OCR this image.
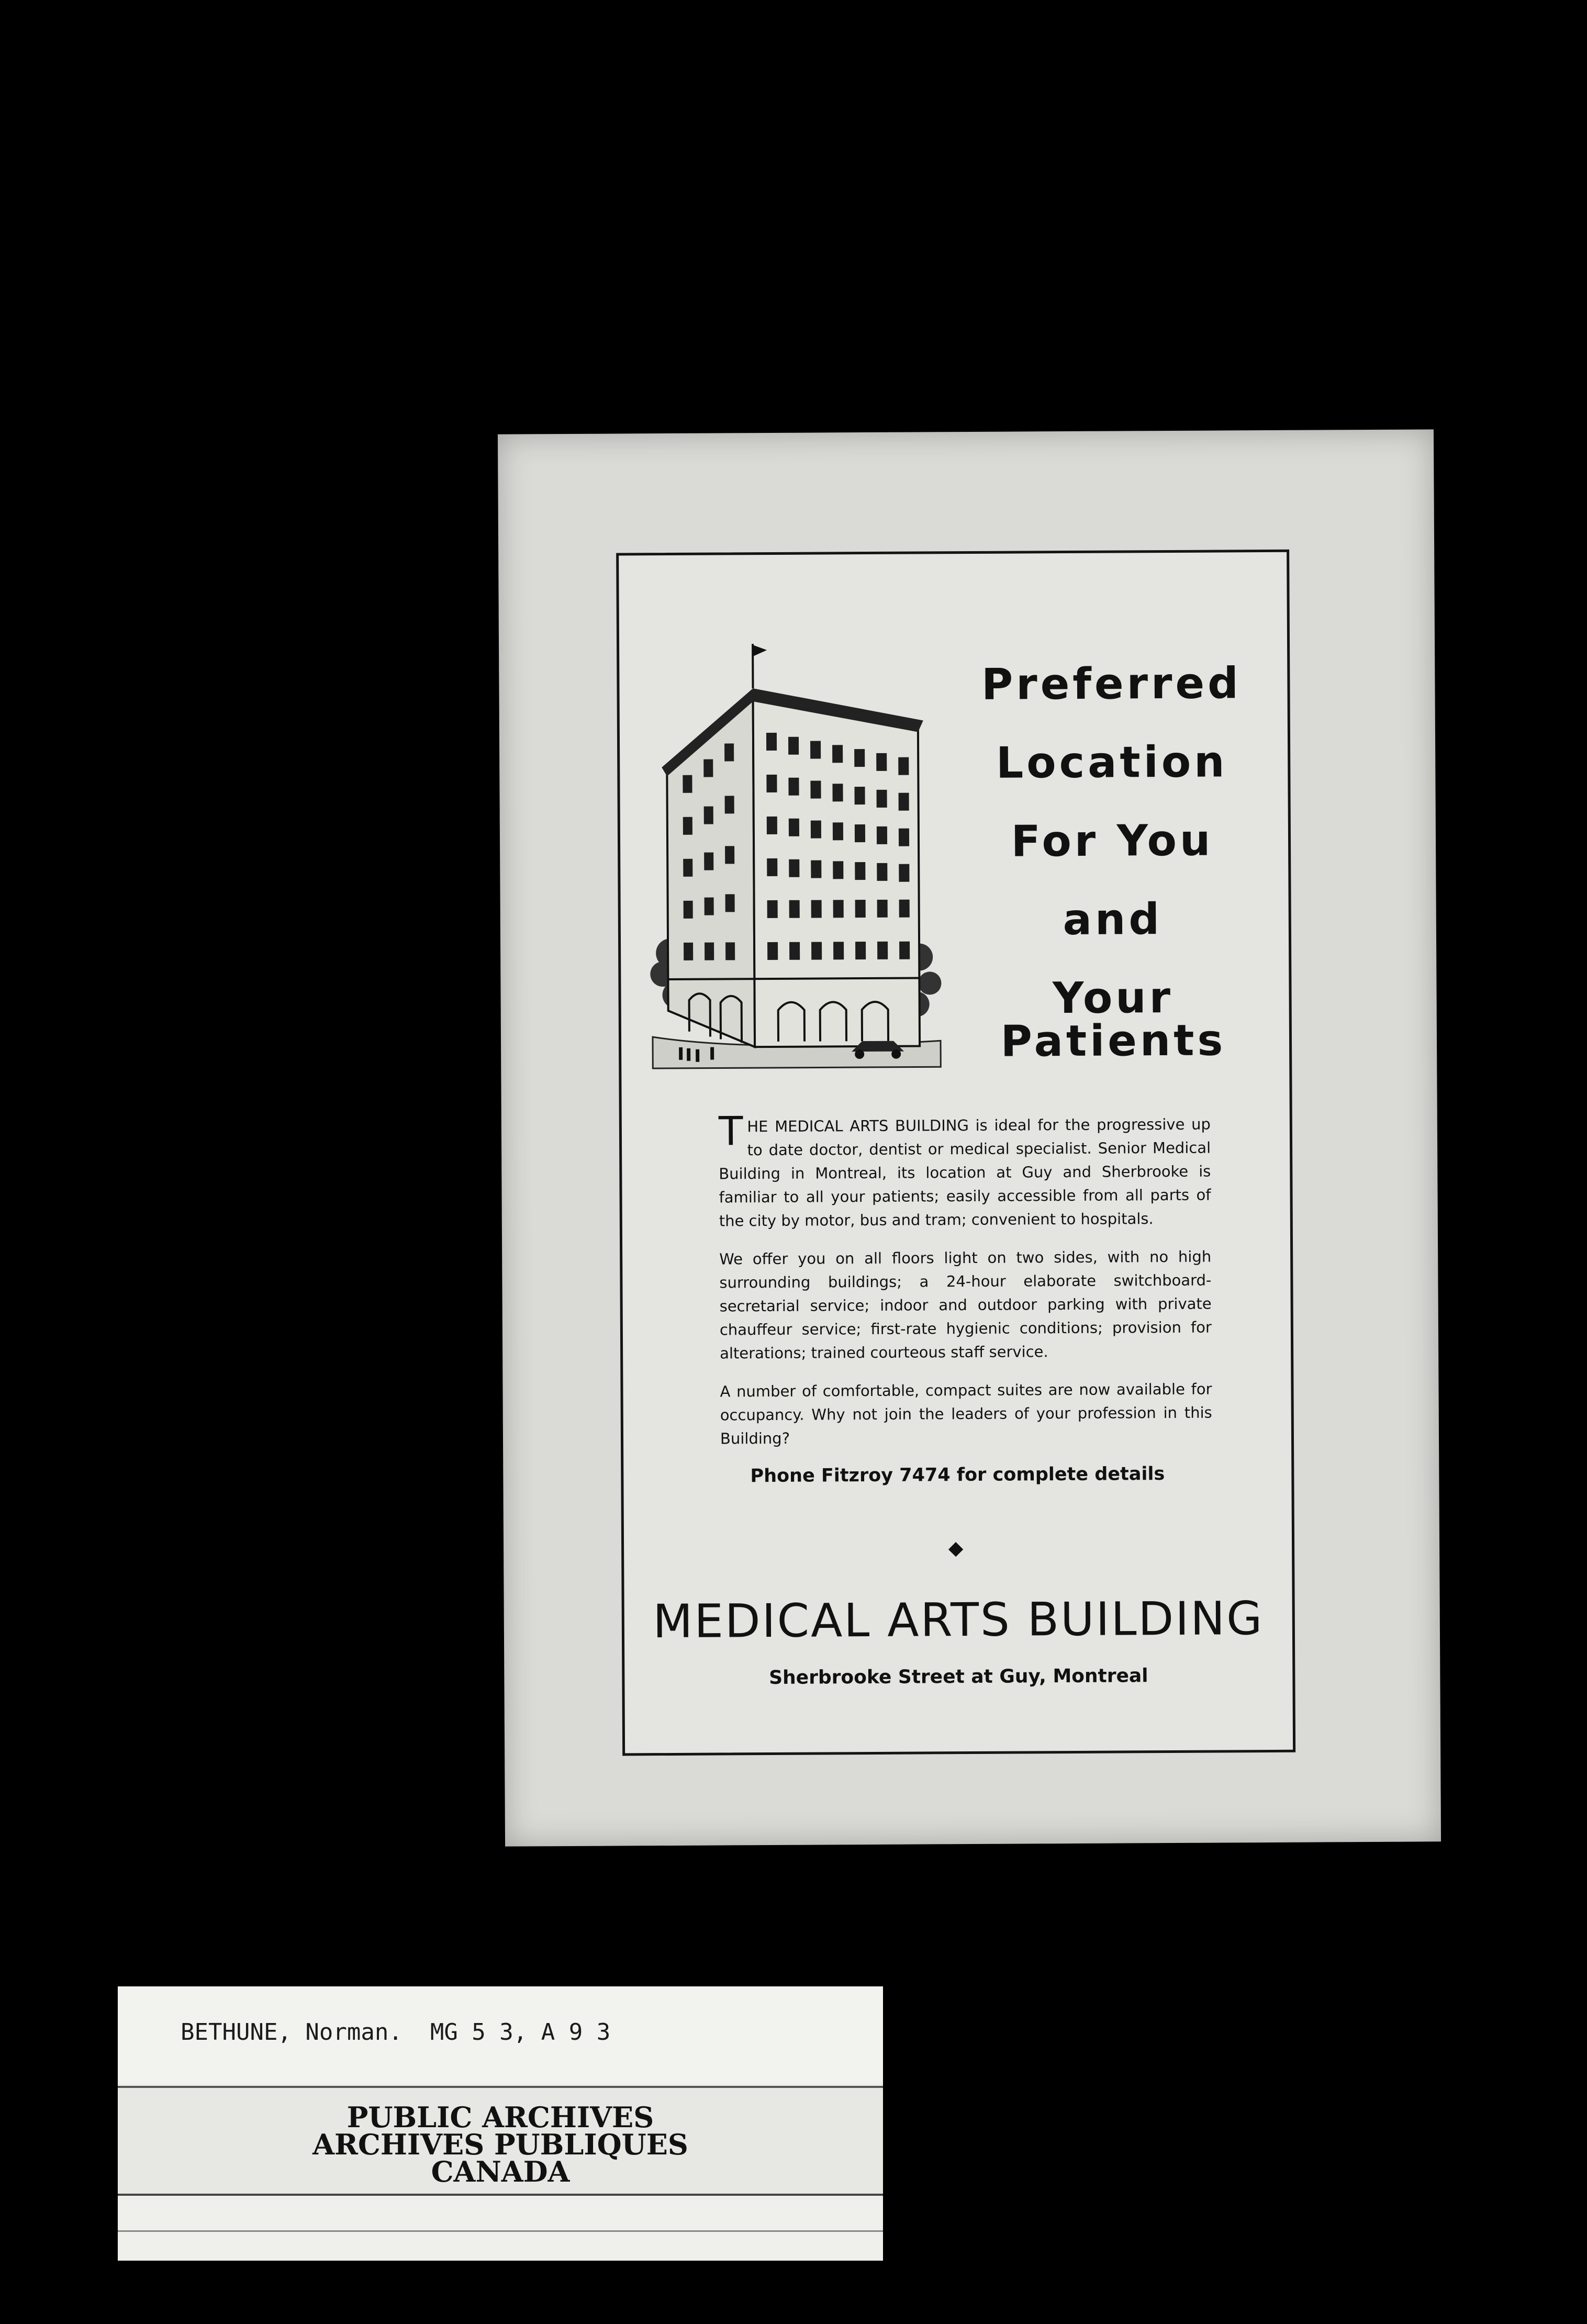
Preferred
Location
For You
and
Your Patients

THE MEDICAL ARTS BUILDING is ideal for the progressive up to date doctor, dentist or medical specialist. Senior Medical Building in Montreal, its location at Guy and Sherbrooke is familiar to all your patients; easily accessible from all parts of the city by motor, bus and tram; convenient to hospitals.

We offer you on all floors light on two sides, with no high surrounding buildings; a 24-hour elaborate switchboard-secretarial service; indoor and outdoor parking with private chauffeur service; first-rate hygienic conditions; provision for alterations; trained courteous staff service.

A number of comfortable, compact suites are now available for occupancy. Why not join the leaders of your profession in this Building?

Phone Fitzroy 7474 for complete details
MEDICAL ARTS BUILDING
Sherbrooke Street at Guy, Montreal
BETHUNE, Norman.  MG 5 3, A 9 3
PUBLIC ARCHIVES
ARCHIVES PUBLIQUES
CANADA
